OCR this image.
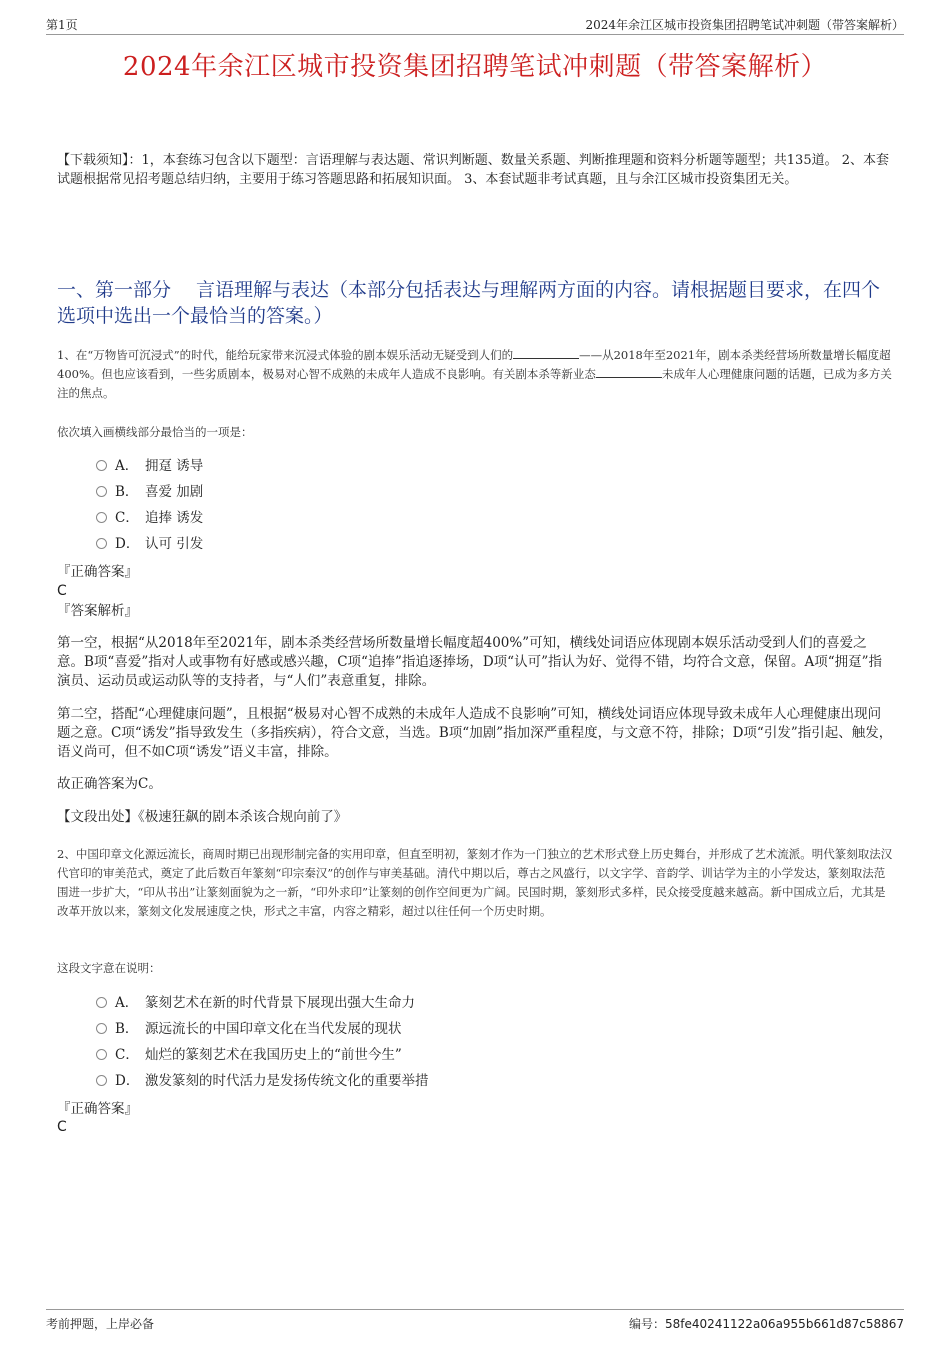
第1页	2024年余江区城市投资集团招聘笔试冲刺题（带答案解析）
2024年余江区城市投资集团招聘笔试冲刺题（带答案解析）
【下载须知】：1，本套练习包含以下题型：言语理解与表达题、常识判断题、数量关系题、判断推理题和资料分析题等题型；共135道。 2、本套试题根据常见招考题总结归纳，主要用于练习答题思路和拓展知识面。 3、本套试题非考试真题，且与余江区城市投资集团无关。
一、第一部分　 言语理解与表达（本部分包括表达与理解两方面的内容。请根据题目要求，在四个选项中选出一个最恰当的答案。）
1、在“万物皆可沉浸式”的时代，能给玩家带来沉浸式体验的剧本娱乐活动无疑受到人们的	——从2018年至2021年，剧本杀类经营场所数量增长幅度超400%。但也应该看到，一些劣质剧本，极易对心智不成熟的未成年人造成不良影响。有关剧本杀等新业态	未成年人心理健康问题的话题，已成为多方关注的焦点。
依次填入画横线部分最恰当的一项是：
A． 拥趸 诱导
B． 喜爱 加剧
C． 追捧 诱发
D． 认可 引发
『正确答案』
C
『答案解析』
第一空，根据“从2018年至2021年，剧本杀类经营场所数量增长幅度超400%”可知，横线处词语应体现剧本娱乐活动受到人们的喜爱之意。B项“喜爱”指对人或事物有好感或感兴趣，C项“追捧”指追逐捧场，D项“认可”指认为好、觉得不错，均符合文意，保留。A项“拥趸”指演员、运动员或运动队等的支持者，与“人们”表意重复，排除。
第二空，搭配“心理健康问题”，且根据“极易对心智不成熟的未成年人造成不良影响”可知，横线处词语应体现导致未成年人心理健康出现问题之意。C项“诱发”指导致发生（多指疾病），符合文意，当选。B项“加剧”指加深严重程度，与文意不符，排除；D项“引发”指引起、触发，语义尚可，但不如C项“诱发”语义丰富，排除。
故正确答案为C。
【文段出处】《极速狂飙的剧本杀该合规向前了》
2、中国印章文化源远流长，商周时期已出现形制完备的实用印章，但直至明初，篆刻才作为一门独立的艺术形式登上历史舞台，并形成了艺术流派。明代篆刻取法汉代官印的审美范式，奠定了此后数百年篆刻“印宗秦汉”的创作与审美基础。清代中期以后，尊古之风盛行，以文字学、音韵学、训诂学为主的小学发达，篆刻取法范围进一步扩大，“印从书出”让篆刻面貌为之一新，“印外求印”让篆刻的创作空间更为广阔。民国时期，篆刻形式多样，民众接受度越来越高。新中国成立后，尤其是改革开放以来，篆刻文化发展速度之快，形式之丰富，内容之精彩，超过以往任何一个历史时期。
这段文字意在说明：
A． 篆刻艺术在新的时代背景下展现出强大生命力
B． 源远流长的中国印章文化在当代发展的现状
C． 灿烂的篆刻艺术在我国历史上的“前世今生”
D． 激发篆刻的时代活力是发扬传统文化的重要举措
『正确答案』
C
考前押题，上岸必备	编号：58fe40241122a06a955b661d87c58867
